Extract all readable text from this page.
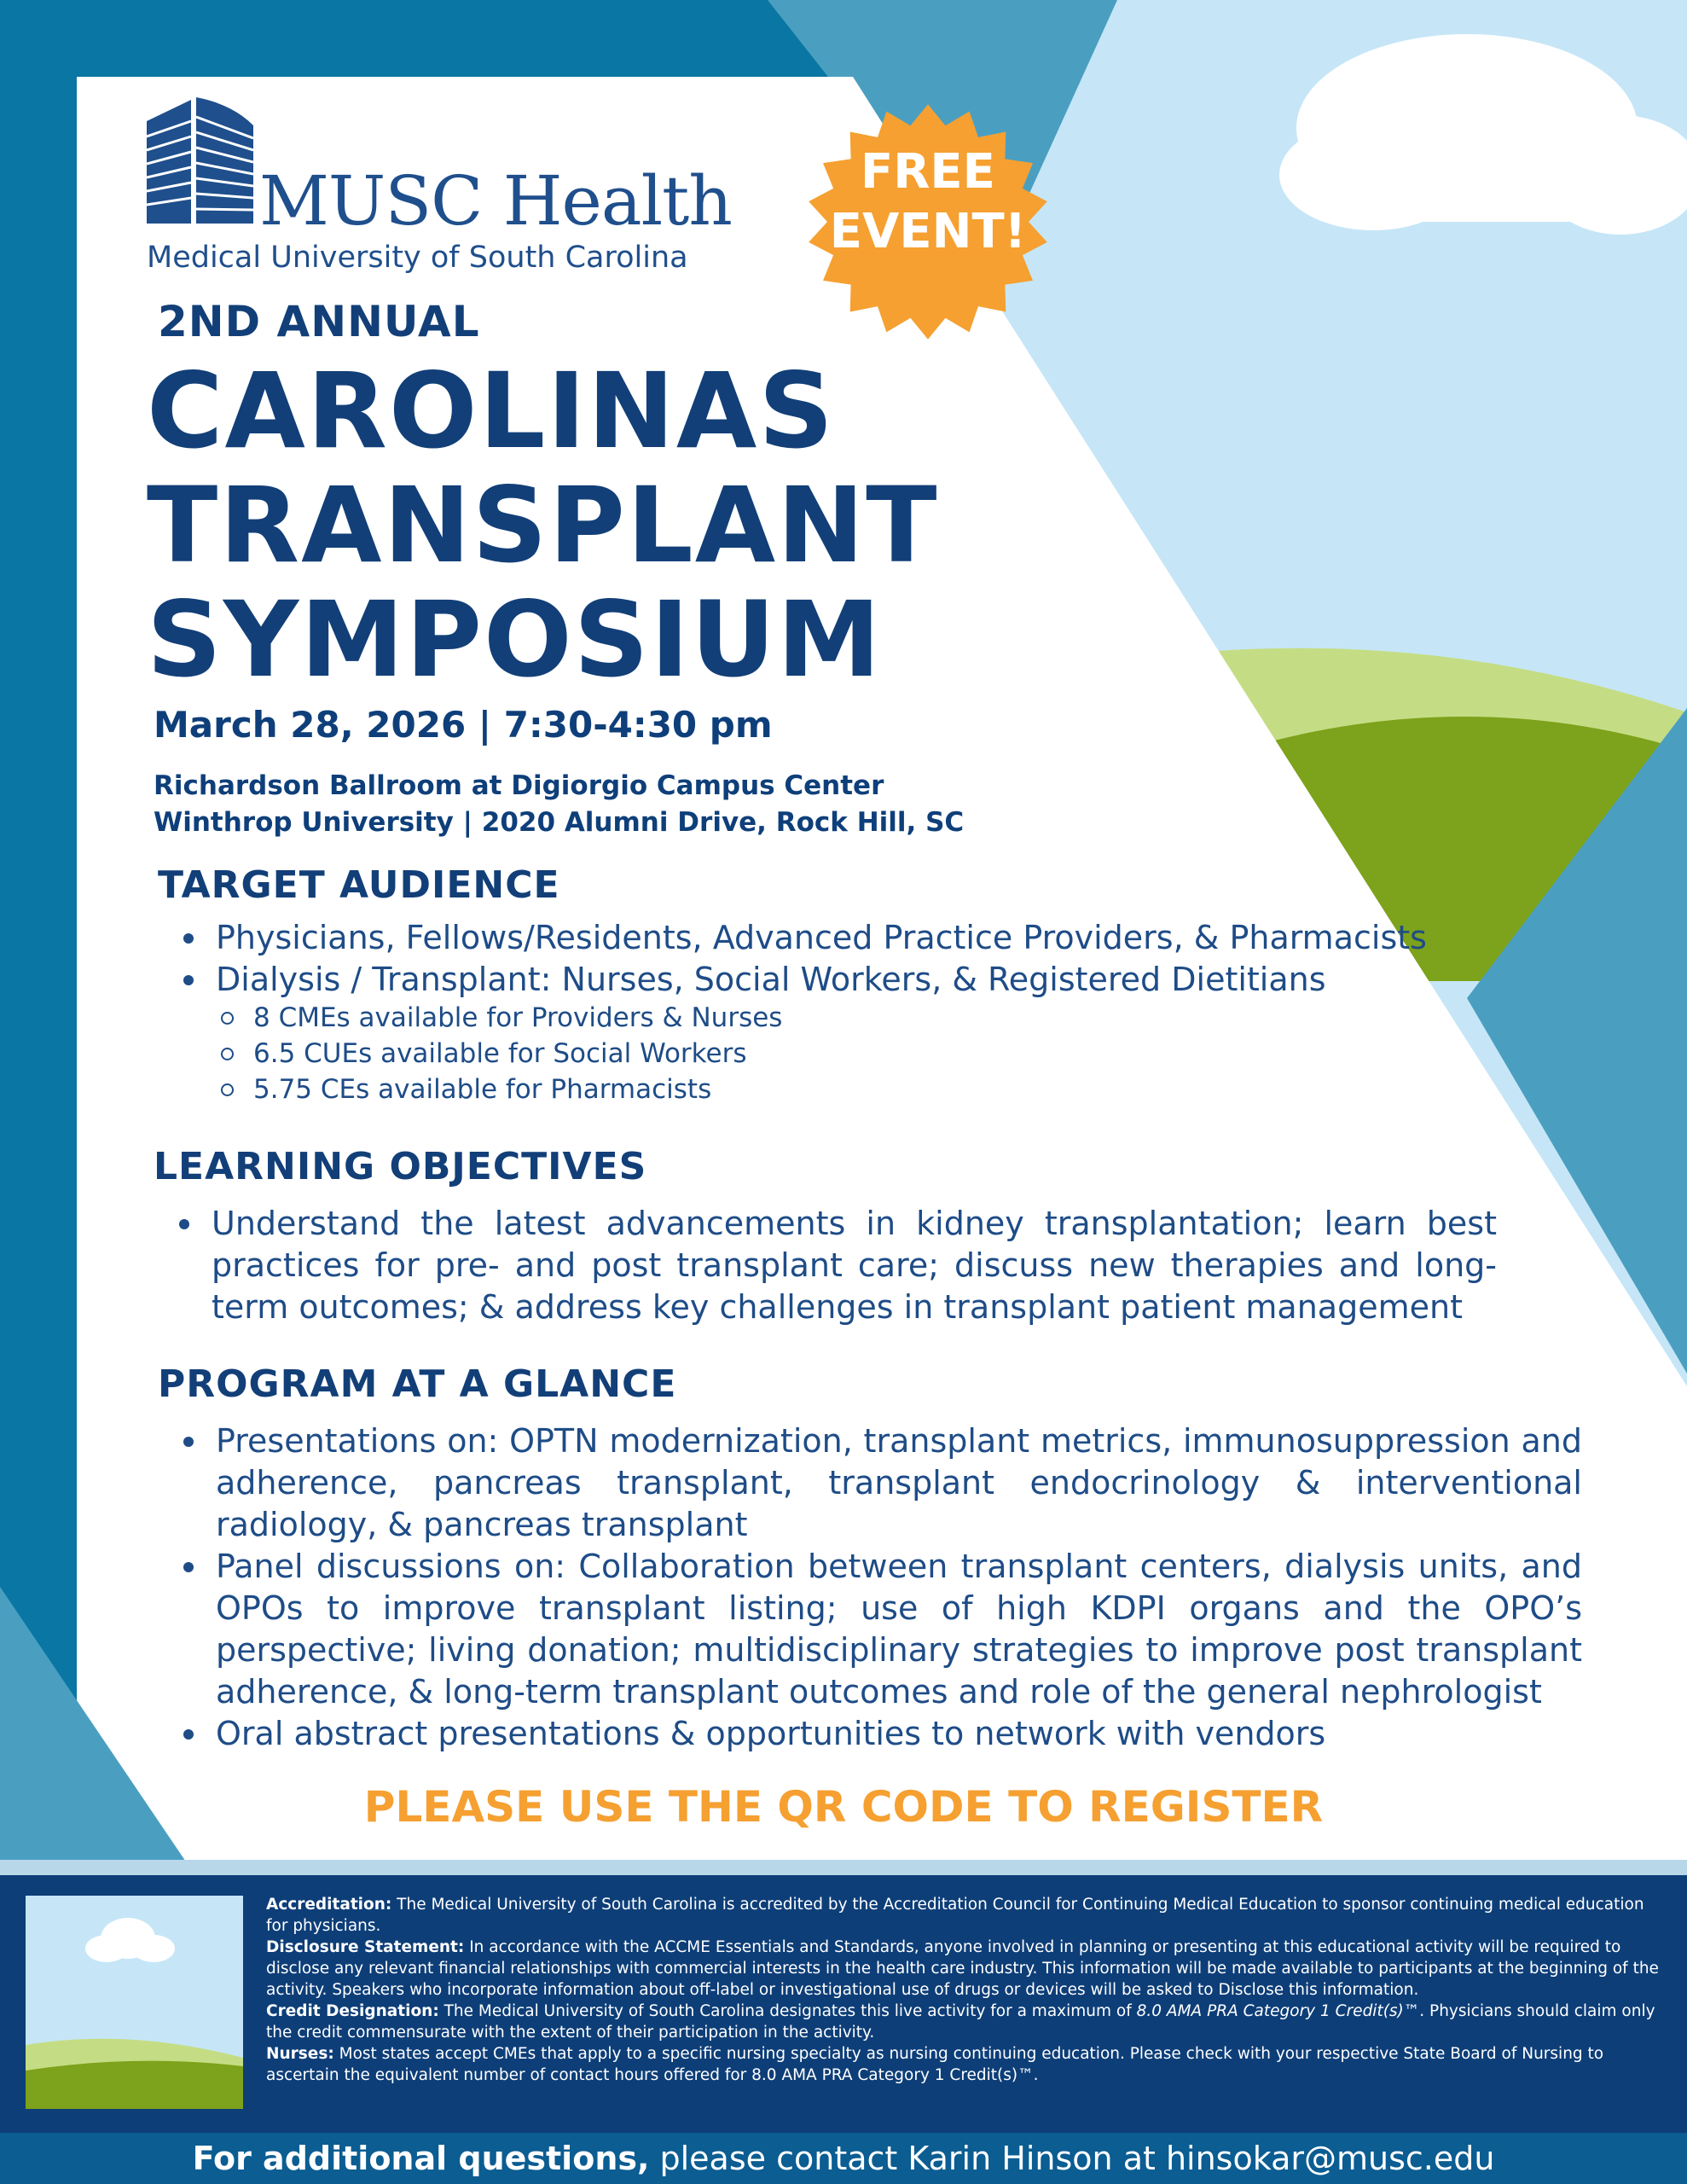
MUSC Health
Medical University of South Carolina
FREE
EVENT!
2ND ANNUAL
CAROLINAS
TRANSPLANT
SYMPOSIUM
March 28, 2026 | 7:30-4:30 pm
Richardson Ballroom at Digiorgio Campus Center
Winthrop University | 2020 Alumni Drive, Rock Hill, SC
TARGET AUDIENCE
Physicians, Fellows/Residents, Advanced Practice Providers, & Pharmacists
Dialysis / Transplant: Nurses, Social Workers, & Registered Dietitians
8 CMEs available for Providers & Nurses
6.5 CUEs available for Social Workers
5.75 CEs available for Pharmacists
LEARNING OBJECTIVES
Understand the latest advancements in kidney transplantation; learn best practices for pre- and post transplant care; discuss new therapies and long-term outcomes; & address key challenges in transplant patient management
PROGRAM AT A GLANCE
Presentations on: OPTN modernization, transplant metrics, immunosuppression and adherence, pancreas transplant, transplant endocrinology & interventional radiology, & pancreas transplant
Panel discussions on: Collaboration between transplant centers, dialysis units, and OPOs to improve transplant listing; use of high KDPI organs and the OPO’s perspective; living donation; multidisciplinary strategies to improve post transplant adherence, & long-term transplant outcomes and role of the general nephrologist
Oral abstract presentations & opportunities to network with vendors
PLEASE USE THE QR CODE TO REGISTER

Accreditation: The Medical University of South Carolina is accredited by the Accreditation Council for Continuing Medical Education to sponsor continuing medical education for physicians.

Disclosure Statement: In accordance with the ACCME Essentials and Standards, anyone involved in planning or presenting at this educational activity will be required to disclose any relevant financial relationships with commercial interests in the health care industry. This information will be made available to participants at the beginning of the activity. Speakers who incorporate information about off-label or investigational use of drugs or devices will be asked to Disclose this information.

Credit Designation: The Medical University of South Carolina designates this live activity for a maximum of 8.0 AMA PRA Category 1 Credit(s)™. Physicians should claim only the credit commensurate with the extent of their participation in the activity.

Nurses: Most states accept CMEs that apply to a specific nursing specialty as nursing continuing education. Please check with your respective State Board of Nursing to ascertain the equivalent number of contact hours offered for 8.0 AMA PRA Category 1 Credit(s)™.

For additional questions, please contact Karin Hinson at hinsokar@musc.edu
